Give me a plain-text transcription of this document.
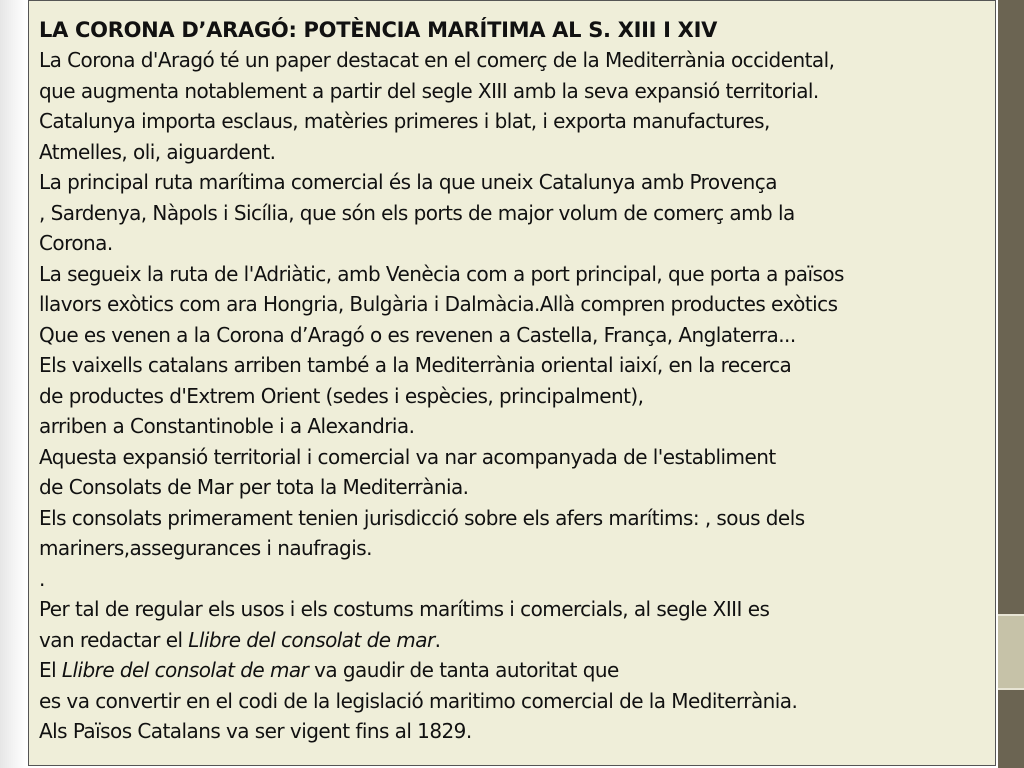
LA CORONA D’ARAGÓ: POTÈNCIA MARÍTIMA AL S. XIII I XIV
La Corona d'Aragó té un paper destacat en el comerç de la Mediterrània occidental,
que augmenta notablement a partir del segle XIII amb la seva expansió territorial.
Catalunya importa esclaus, matèries primeres i blat, i exporta manufactures,
Atmelles, oli, aiguardent.
La principal ruta marítima comercial és la que uneix Catalunya amb Provença
, Sardenya, Nàpols i Sicília, que són els ports de major volum de comerç amb la
Corona.
La segueix la ruta de l'Adriàtic, amb Venècia com a port principal, que porta a països
llavors exòtics com ara Hongria, Bulgària i Dalmàcia.Allà compren productes exòtics
Que es venen a la Corona d’Aragó o es revenen a Castella, França, Anglaterra...
Els vaixells catalans arriben també a la Mediterrània oriental iaixí, en la recerca
de productes d'Extrem Orient (sedes i espècies, principalment),
arriben a Constantinoble i a Alexandria.
Aquesta expansió territorial i comercial va nar acompanyada de l'establiment
de Consolats de Mar per tota la Mediterrània.
Els consolats primerament tenien jurisdicció sobre els afers marítims: , sous dels
mariners,assegurances i naufragis.
.
Per tal de regular els usos i els costums marítims i comercials, al segle XIII es
van redactar el Llibre del consolat de mar.
El Llibre del consolat de mar va gaudir de tanta autoritat que
es va convertir en el codi de la legislació maritimo comercial de la Mediterrània.
Als Països Catalans va ser vigent fins al 1829.
